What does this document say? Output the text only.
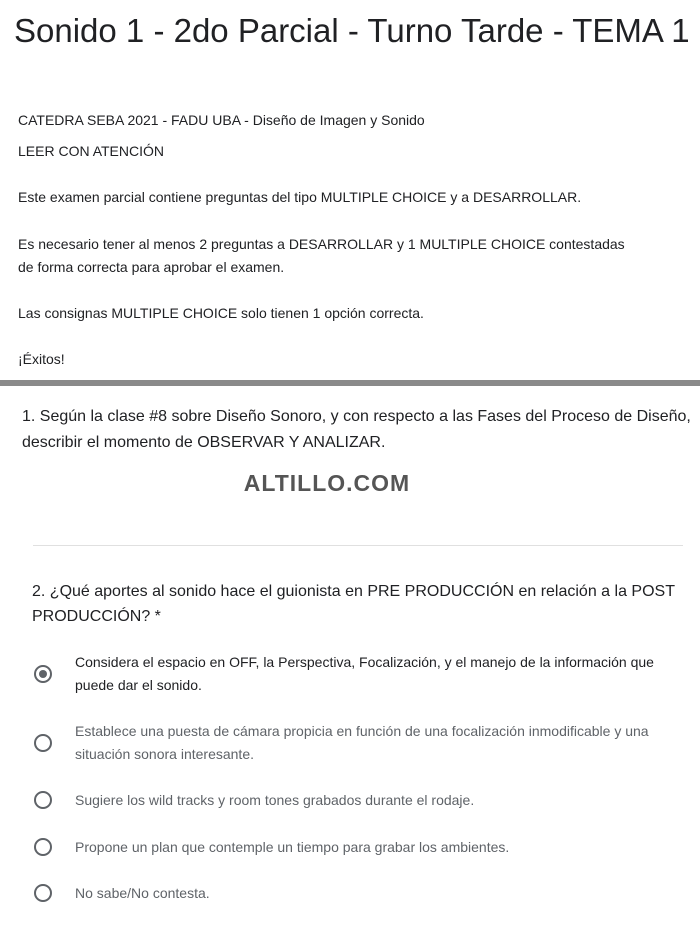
Sonido 1 - 2do Parcial - Turno Tarde - TEMA 1
CATEDRA SEBA 2021 - FADU UBA - Diseño de Imagen y Sonido
LEER CON ATENCIÓN
Este examen parcial contiene preguntas del tipo MULTIPLE CHOICE y a DESARROLLAR.
Es necesario tener al menos 2 preguntas a DESARROLLAR y 1 MULTIPLE CHOICE contestadas
de forma correcta para aprobar el examen.
Las consignas MULTIPLE CHOICE solo tienen 1 opción correcta.
¡Éxitos!
1. Según la clase #8 sobre Diseño Sonoro, y con respecto a las Fases del Proceso de Diseño, describir el momento de OBSERVAR Y ANALIZAR.
ALTILLO.COM
2. ¿Qué aportes al sonido hace el guionista en PRE PRODUCCIÓN en relación a la POST PRODUCCIÓN? *
Considera el espacio en OFF, la Perspectiva, Focalización, y el manejo de la información que puede dar el sonido.
Establece una puesta de cámara propicia en función de una focalización inmodificable y una situación sonora interesante.
Sugiere los wild tracks y room tones grabados durante el rodaje.
Propone un plan que contemple un tiempo para grabar los ambientes.
No sabe/No contesta.
